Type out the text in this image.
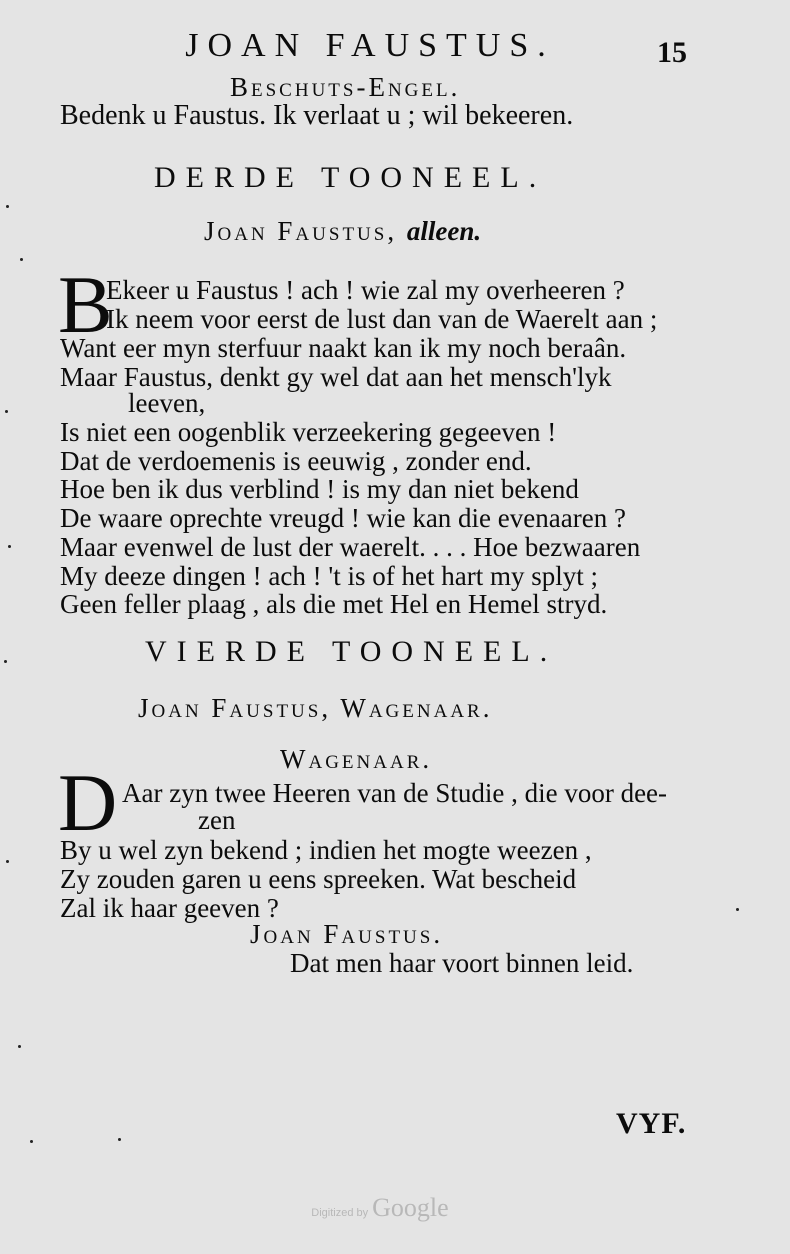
JOAN FAUSTUS.	15
Beschuts-Engel.
Bedenk u Faustus. Ik verlaat u ; wil bekeeren.
DERDE TOONEEL.
Joan Faustus, alleen.
B
Ekeer u Faustus ! ach ! wie zal my overheeren ?
Ik neem voor eerst de lust dan van de Waerelt aan ;
Want eer myn sterfuur naakt kan ik my noch beraân.
Maar Faustus, denkt gy wel dat aan het mensch'lyk
leeven,
Is niet een oogenblik verzeekering gegeeven !
Dat de verdoemenis is eeuwig , zonder end.
Hoe ben ik dus verblind ! is my dan niet bekend
De waare oprechte vreugd ! wie kan die evenaaren ?
Maar evenwel de lust der waerelt. . . . Hoe bezwaaren
My deeze dingen ! ach ! 't is of het hart my splyt ;
Geen feller plaag , als die met Hel en Hemel stryd.
VIERDE TOONEEL.
Joan Faustus, Wagenaar.
Wagenaar.
D Aar zyn twee Heeren van de Studie , die voor dee-
zen
By u wel zyn bekend ; indien het mogte weezen ,
Zy zouden garen u eens spreeken. Wat bescheid
Zal ik haar geeven ?
Joan Faustus.
Dat men haar voort binnen leid.
VYF.
Digitized by Google
